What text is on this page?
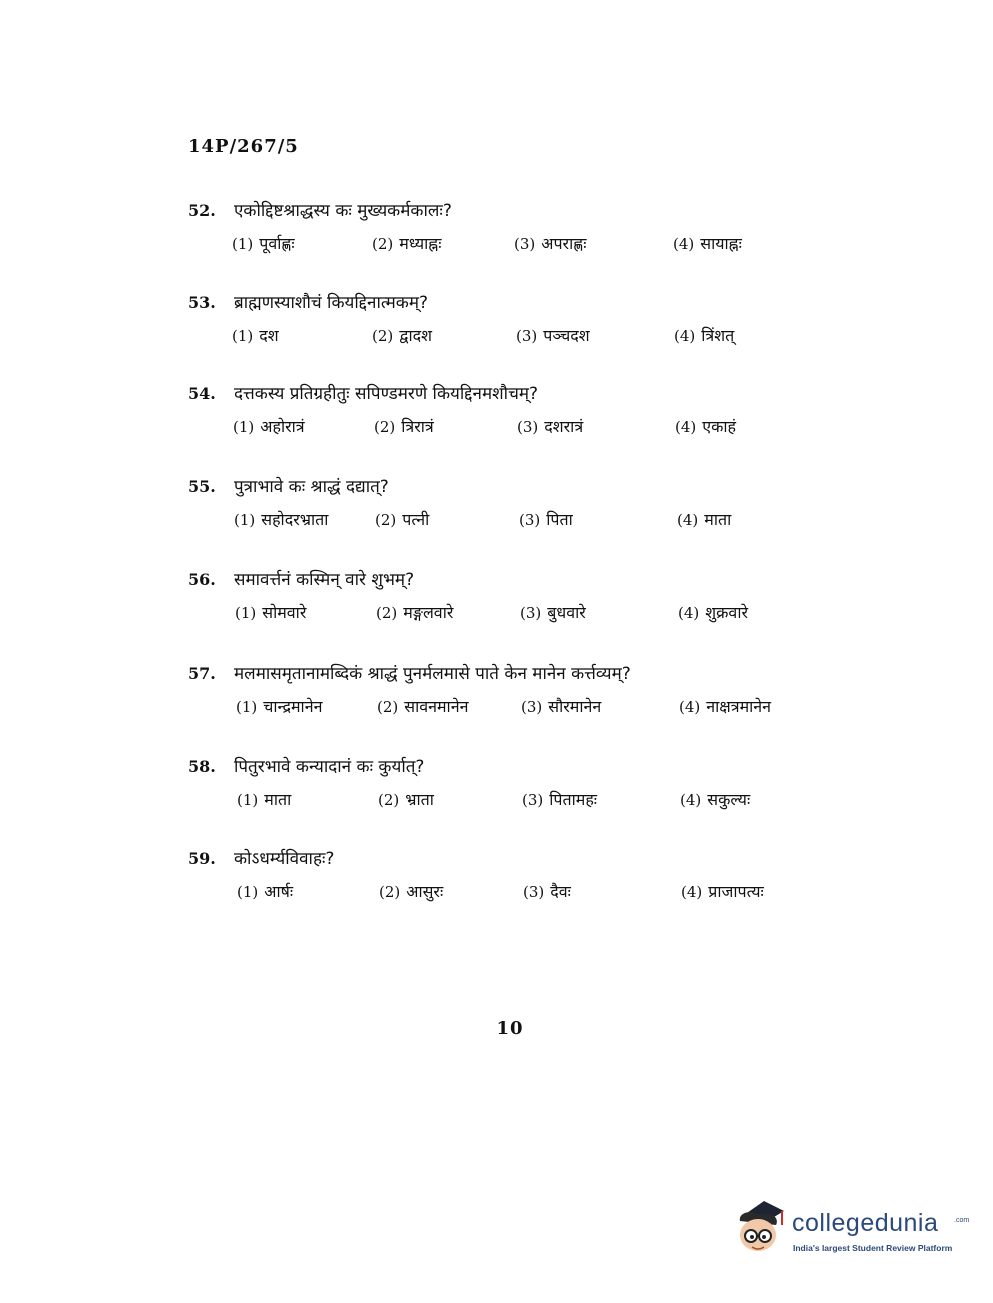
14P/267/5
52. एकोद्दिष्टश्राद्धस्य कः मुख्यकर्मकालः?
(1) पूर्वाह्णः	(2) मध्याह्नः	(3) अपराह्णः	(4) सायाह्नः
53. ब्राह्मणस्याशौचं कियद्दिनात्मकम्?
(1) दश	(2) द्वादश	(3) पञ्चदश	(4) त्रिंशत्
54. दत्तकस्य प्रतिग्रहीतुः सपिण्डमरणे कियद्दिनमशौचम्?
(1) अहोरात्रं	(2) त्रिरात्रं	(3) दशरात्रं	(4) एकाहं
55. पुत्राभावे कः श्राद्धं दद्यात्?
(1) सहोदरभ्राता	(2) पत्नी	(3) पिता	(4) माता
56. समावर्त्तनं कस्मिन् वारे शुभम्?
(1) सोमवारे	(2) मङ्गलवारे	(3) बुधवारे	(4) शुक्रवारे
57. मलमासमृतानामब्दिकं श्राद्धं पुनर्मलमासे पाते केन मानेन कर्त्तव्यम्?
(1) चान्द्रमानेन	(2) सावनमानेन	(3) सौरमानेन	(4) नाक्षत्रमानेन
58. पितुरभावे कन्यादानं कः कुर्यात्?
(1) माता	(2) भ्राता	(3) पितामहः	(4) सकुल्यः
59. कोऽधर्म्यविवाहः?
(1) आर्षः	(2) आसुरः	(3) दैवः	(4) प्राजापत्यः
10
collegedunia .com
India's largest Student Review Platform
